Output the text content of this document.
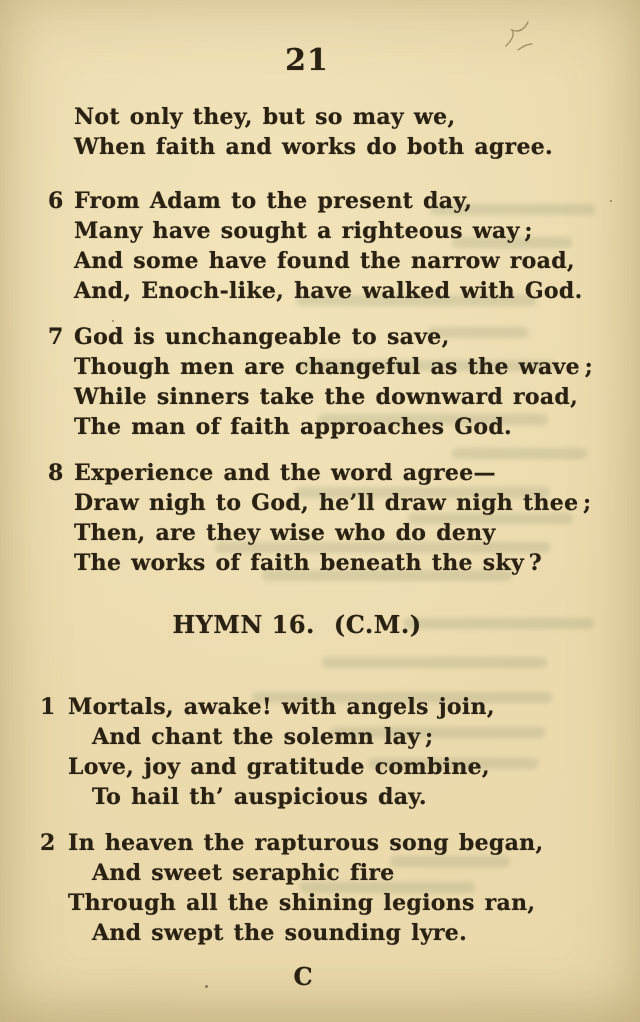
21
Not only they, but so may we,
When faith and works do both agree.
6 From Adam to the present day,
Many have sought a righteous way ;
And some have found the narrow road,
And, Enoch-like, have walked with God.
7 God is unchangeable to save,
Though men are changeful as the wave ;
While sinners take the downward road,
The man of faith approaches God.
8 Experience and the word agree—
Draw nigh to God, he’ll draw nigh thee ;
Then, are they wise who do deny
The works of faith beneath the sky ?
HYMN 16. (C.M.)
1 Mortals, awake! with angels join,
And chant the solemn lay ;
Love, joy and gratitude combine,
To hail th’ auspicious day.
2 In heaven the rapturous song began,
And sweet seraphic fire
Through all the shining legions ran,
And swept the sounding lyre.
C
